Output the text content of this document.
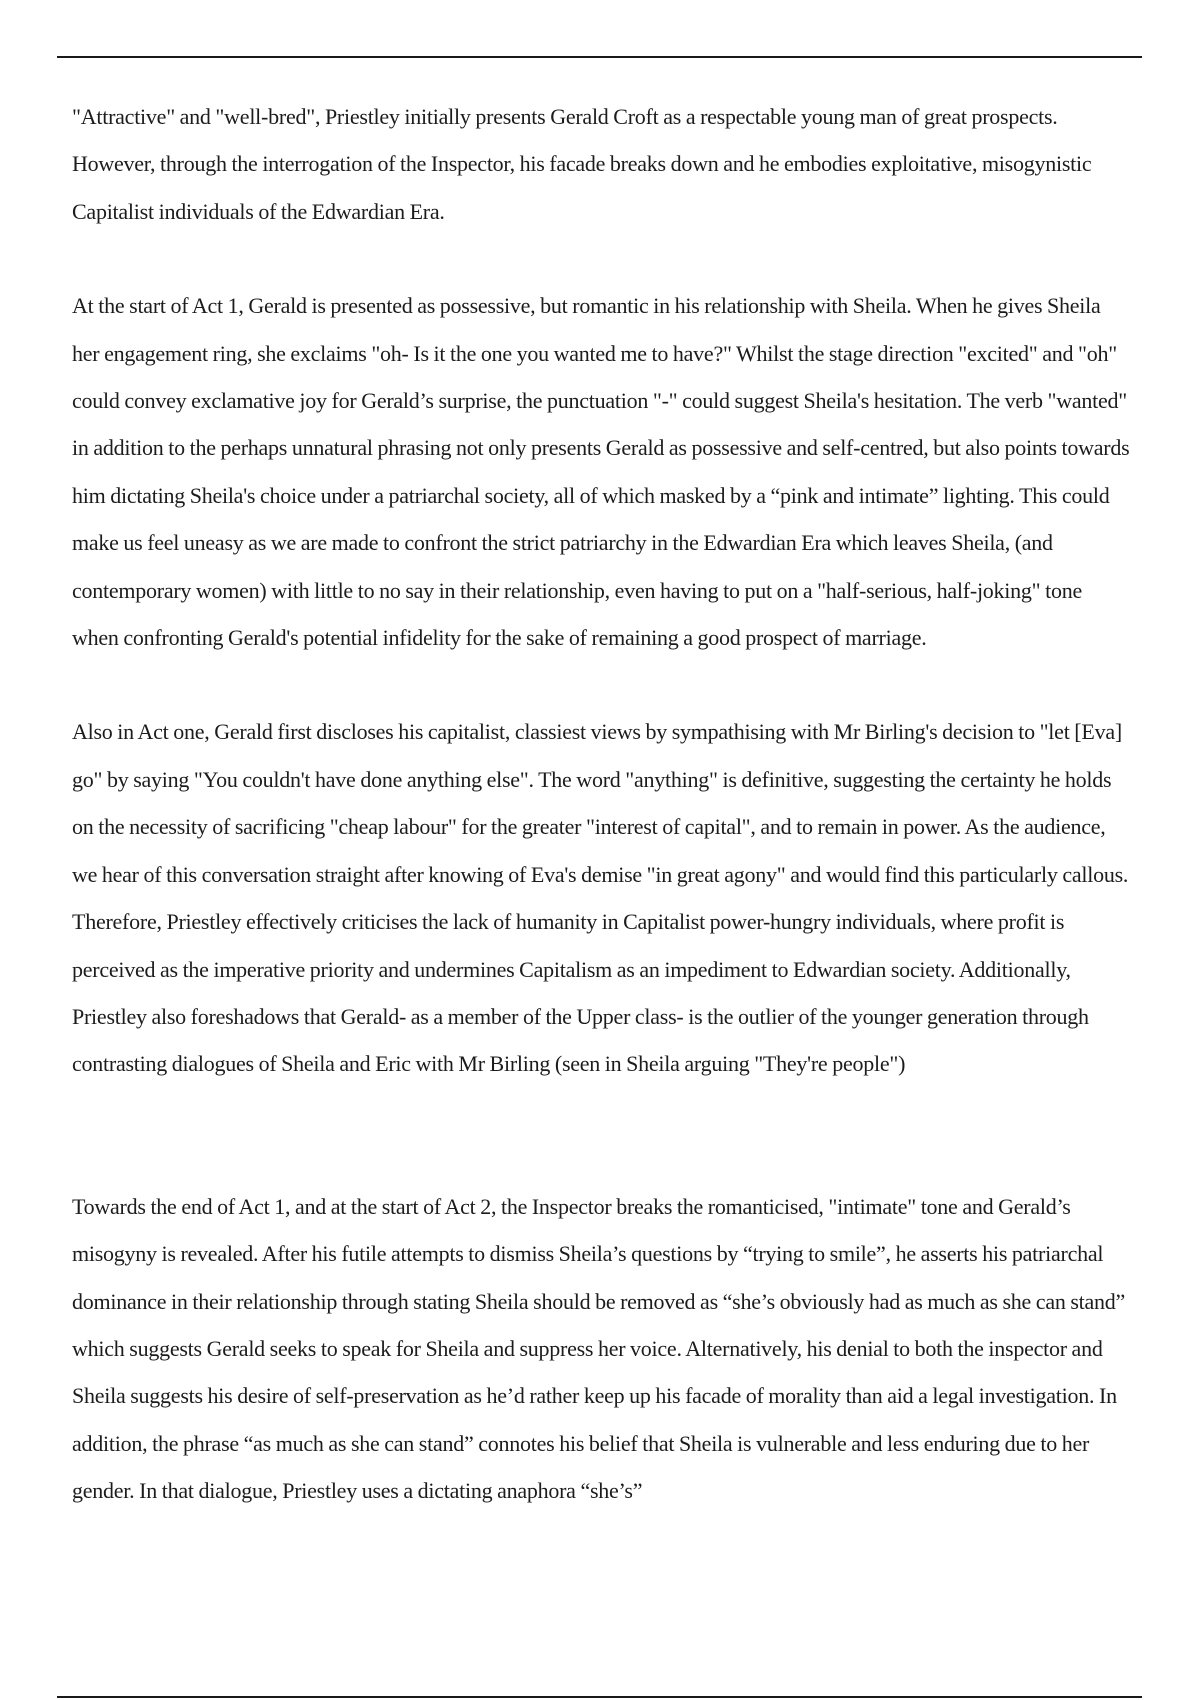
"Attractive" and "well-bred", Priestley initially presents Gerald Croft as a respectable young man of great prospects. However, through the interrogation of the Inspector, his facade breaks down and he embodies exploitative, misogynistic Capitalist individuals of the Edwardian Era.

At the start of Act 1, Gerald is presented as possessive, but romantic in his relationship with Sheila. When he gives Sheila her engagement ring, she exclaims "oh- Is it the one you wanted me to have?" Whilst the stage direction "excited" and "oh" could convey exclamative joy for Gerald’s surprise, the punctuation "-" could suggest Sheila's hesitation. The verb "wanted" in addition to the perhaps unnatural phrasing not only presents Gerald as possessive and self-centred, but also points towards him dictating Sheila's choice under a patriarchal society, all of which masked by a “pink and intimate” lighting. This could make us feel uneasy as we are made to confront the strict patriarchy in the Edwardian Era which leaves Sheila, (and contemporary women) with little to no say in their relationship, even having to put on a "half-serious, half-joking" tone when confronting Gerald's potential infidelity for the sake of remaining a good prospect of marriage.

Also in Act one, Gerald first discloses his capitalist, classiest views by sympathising with Mr Birling's decision to "let [Eva] go" by saying "You couldn't have done anything else". The word "anything" is definitive, suggesting the certainty he holds on the necessity of sacrificing "cheap labour" for the greater "interest of capital", and to remain in power. As the audience, we hear of this conversation straight after knowing of Eva's demise "in great agony" and would find this particularly callous. Therefore, Priestley effectively criticises the lack of humanity in Capitalist power-hungry individuals, where profit is perceived as the imperative priority and undermines Capitalism as an impediment to Edwardian society. Additionally, Priestley also foreshadows that Gerald- as a member of the Upper class- is the outlier of the younger generation through contrasting dialogues of Sheila and Eric with Mr Birling (seen in Sheila arguing "They're people")

Towards the end of Act 1, and at the start of Act 2, the Inspector breaks the romanticised, "intimate" tone and Gerald’s misogyny is revealed. After his futile attempts to dismiss Sheila’s questions by “trying to smile”, he asserts his patriarchal dominance in their relationship through stating Sheila should be removed as “she’s obviously had as much as she can stand” which suggests Gerald seeks to speak for Sheila and suppress her voice. Alternatively, his denial to both the inspector and Sheila suggests his desire of self-preservation as he’d rather keep up his facade of morality than aid a legal investigation. In addition, the phrase “as much as she can stand” connotes his belief that Sheila is vulnerable and less enduring due to her gender. In that dialogue, Priestley uses a dictating anaphora “she’s”
